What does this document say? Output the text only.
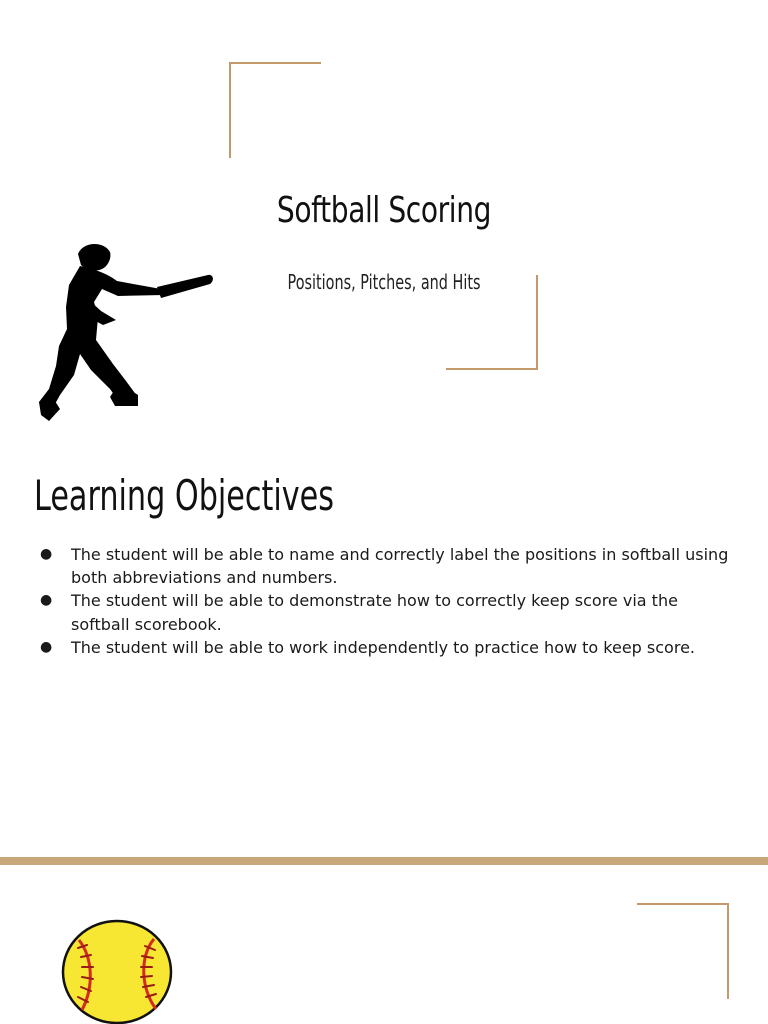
Softball Scoring
Positions, Pitches, and Hits
Learning Objectives
● The student will be able to name and correctly label the positions in softball using both abbreviations and numbers.
● The student will be able to demonstrate how to correctly keep score via the softball scorebook.
● The student will be able to work independently to practice how to keep score.
